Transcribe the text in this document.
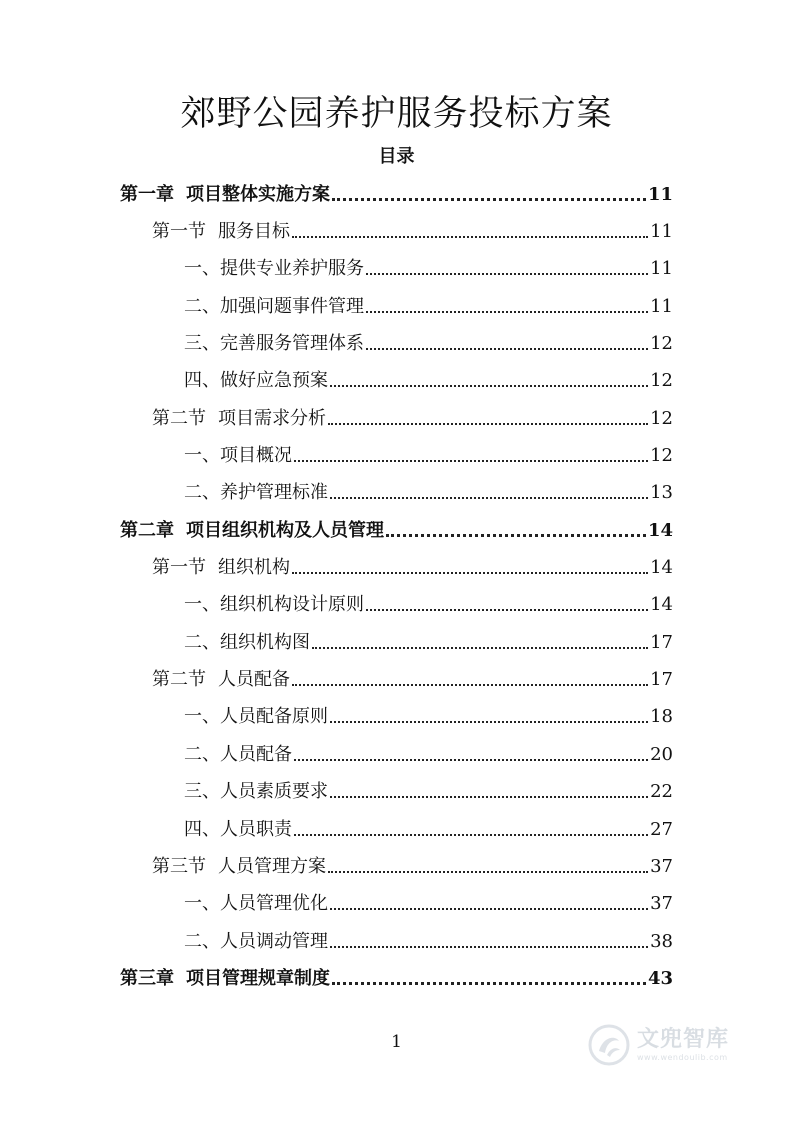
郊野公园养护服务投标方案
目录
第一章 项目整体实施方案	11
第一节 服务目标	11
一、 提供专业养护服务	11
二、 加强问题事件管理	11
三、 完善服务管理体系	12
四、 做好应急预案	12
第二节 项目需求分析	12
一、 项目概况	12
二、 养护管理标准	13
第二章 项目组织机构及人员管理	14
第一节 组织机构	14
一、 组织机构设计原则	14
二、 组织机构图	17
第二节 人员配备	17
一、 人员配备原则	18
二、 人员配备	20
三、 人员素质要求	22
四、 人员职责	27
第三节 人员管理方案	37
一、 人员管理优化	37
二、 人员调动管理	38
第三章 项目管理规章制度	43
1	文兜智库
www.wendoulib.com
